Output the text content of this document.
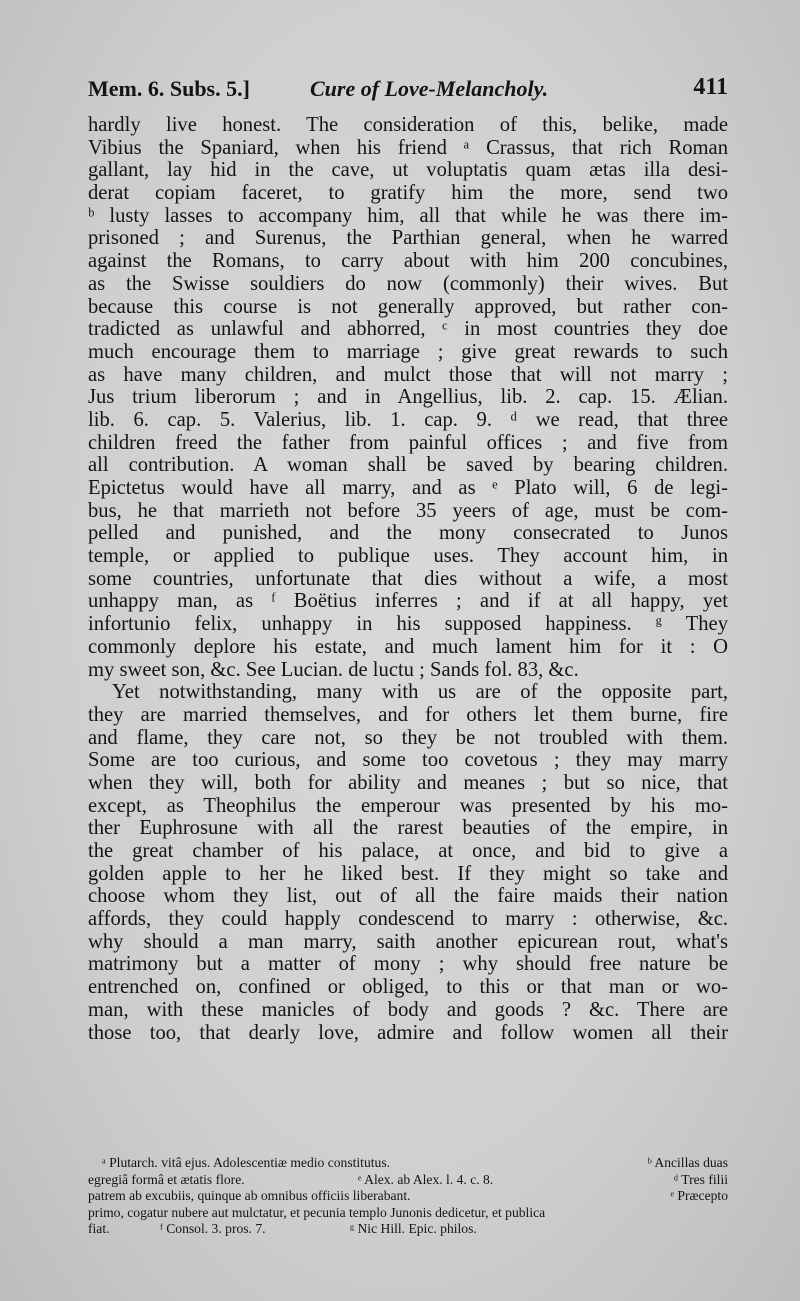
Mem. 6. Subs. 5.]	Cure of Love-Melancholy.	411
hardly live honest. The consideration of this, belike, made
Vibius the Spaniard, when his friend ᵃ Crassus, that rich Roman
gallant, lay hid in the cave, ut voluptatis quam ætas illa desi-
derat copiam faceret, to gratify him the more, send two
ᵇ lusty lasses to accompany him, all that while he was there im-
prisoned ; and Surenus, the Parthian general, when he warred
against the Romans, to carry about with him 200 concubines,
as the Swisse souldiers do now (commonly) their wives. But
because this course is not generally approved, but rather con-
tradicted as unlawful and abhorred, ᶜ in most countries they doe
much encourage them to marriage ; give great rewards to such
as have many children, and mulct those that will not marry ;
Jus trium liberorum ; and in Angellius, lib. 2. cap. 15. Ælian.
lib. 6. cap. 5. Valerius, lib. 1. cap. 9. ᵈ we read, that three
children freed the father from painful offices ; and five from
all contribution. A woman shall be saved by bearing children.
Epictetus would have all marry, and as ᵉ Plato will, 6 de legi-
bus, he that marrieth not before 35 yeers of age, must be com-
pelled and punished, and the mony consecrated to Junos
temple, or applied to publique uses. They account him, in
some countries, unfortunate that dies without a wife, a most
unhappy man, as ᶠ Boëtius inferres ; and if at all happy, yet
infortunio felix, unhappy in his supposed happiness. ᵍ They
commonly deplore his estate, and much lament him for it : O
my sweet son, &c. See Lucian. de luctu ; Sands fol. 83, &c.
Yet notwithstanding, many with us are of the opposite part,
they are married themselves, and for others let them burne, fire
and flame, they care not, so they be not troubled with them.
Some are too curious, and some too covetous ; they may marry
when they will, both for ability and meanes ; but so nice, that
except, as Theophilus the emperour was presented by his mo-
ther Euphrosune with all the rarest beauties of the empire, in
the great chamber of his palace, at once, and bid to give a
golden apple to her he liked best. If they might so take and
choose whom they list, out of all the faire maids their nation
affords, they could happly condescend to marry : otherwise, &c.
why should a man marry, saith another epicurean rout, what's
matrimony but a matter of mony ; why should free nature be
entrenched on, confined or obliged, to this or that man or wo-
man, with these manicles of body and goods ? &c. There are
those too, that dearly love, admire and follow women all their
ᵃ Plutarch. vitâ ejus. Adolescentiæ medio constitutus.	ᵇ Ancillas duas
egregiâ formâ et ætatis flore.	ᵉ Alex. ab Alex. l. 4. c. 8.	ᵈ Tres filii
patrem ab excubiis, quinque ab omnibus officiis liberabant.	ᵉ Præcepto
primo, cogatur nubere aut mulctatur, et pecunia templo Junonis dedicetur, et publica
fiat.	ᶠ Consol. 3. pros. 7.	ᵍ Nic Hill. Epic. philos.
